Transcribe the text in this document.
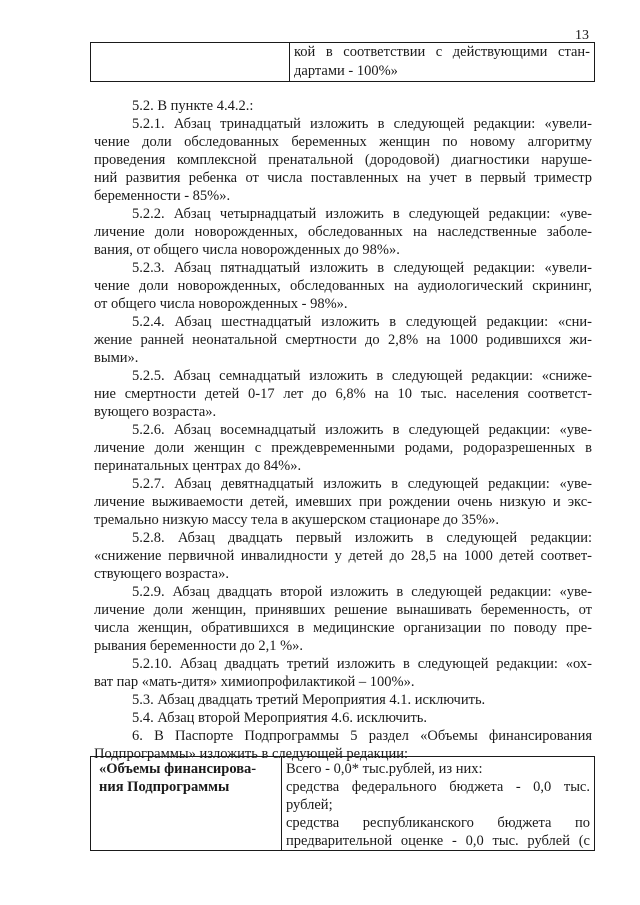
13

кой в соответствии с действующими стан-
дартами - 100%»
5.2. В пункте 4.4.2.:
5.2.1. Абзац тринадцатый изложить в следующей редакции: «увели-
чение доли обследованных беременных женщин по новому алгоритму
проведения комплексной пренатальной (дородовой) диагностики наруше-
ний развития ребенка от числа поставленных на учет в первый триместр
беременности - 85%».
5.2.2. Абзац четырнадцатый изложить в следующей редакции: «уве-
личение доли новорожденных, обследованных на наследственные заболе-
вания, от общего числа новорожденных до 98%».
5.2.3. Абзац пятнадцатый изложить в следующей редакции: «увели-
чение доли новорожденных, обследованных на аудиологический скрининг,
от общего числа новорожденных - 98%».
5.2.4. Абзац шестнадцатый изложить в следующей редакции: «сни-
жение ранней неонатальной смертности до 2,8% на 1000 родившихся жи-
выми».
5.2.5. Абзац семнадцатый изложить в следующей редакции: «сниже-
ние смертности детей 0-17 лет до 6,8% на 10 тыс. населения соответст-
вующего возраста».
5.2.6. Абзац восемнадцатый изложить в следующей редакции: «уве-
личение доли женщин с преждевременными родами, родоразрешенных в
перинатальных центрах до 84%».
5.2.7. Абзац девятнадцатый изложить в следующей редакции: «уве-
личение выживаемости детей, имевших при рождении очень низкую и экс-
тремально низкую массу тела в акушерском стационаре до 35%».
5.2.8. Абзац двадцать первый изложить в следующей редакции:
«снижение первичной инвалидности у детей до 28,5 на 1000 детей соответ-
ствующего возраста».
5.2.9. Абзац двадцать второй изложить в следующей редакции: «уве-
личение доли женщин, принявших решение вынашивать беременность, от
числа женщин, обратившихся в медицинские организации по поводу пре-
рывания беременности до 2,1 %».
5.2.10. Абзац двадцать третий изложить в следующей редакции: «ох-
ват пар «мать-дитя» химиопрофилактикой – 100%».
5.3. Абзац двадцать третий Мероприятия 4.1. исключить.
5.4. Абзац второй Мероприятия 4.6. исключить.
6. В Паспорте Подпрограммы 5 раздел «Объемы финансирования
Подпрограммы» изложить в следующей редакции:
«Объемы финансирова-
ния Подпрограммы

Всего - 0,0* тыс.рублей, из них:
средства федерального бюджета - 0,0 тыс.
рублей;
средства республиканского бюджета по
предварительной оценке - 0,0 тыс. рублей (с
